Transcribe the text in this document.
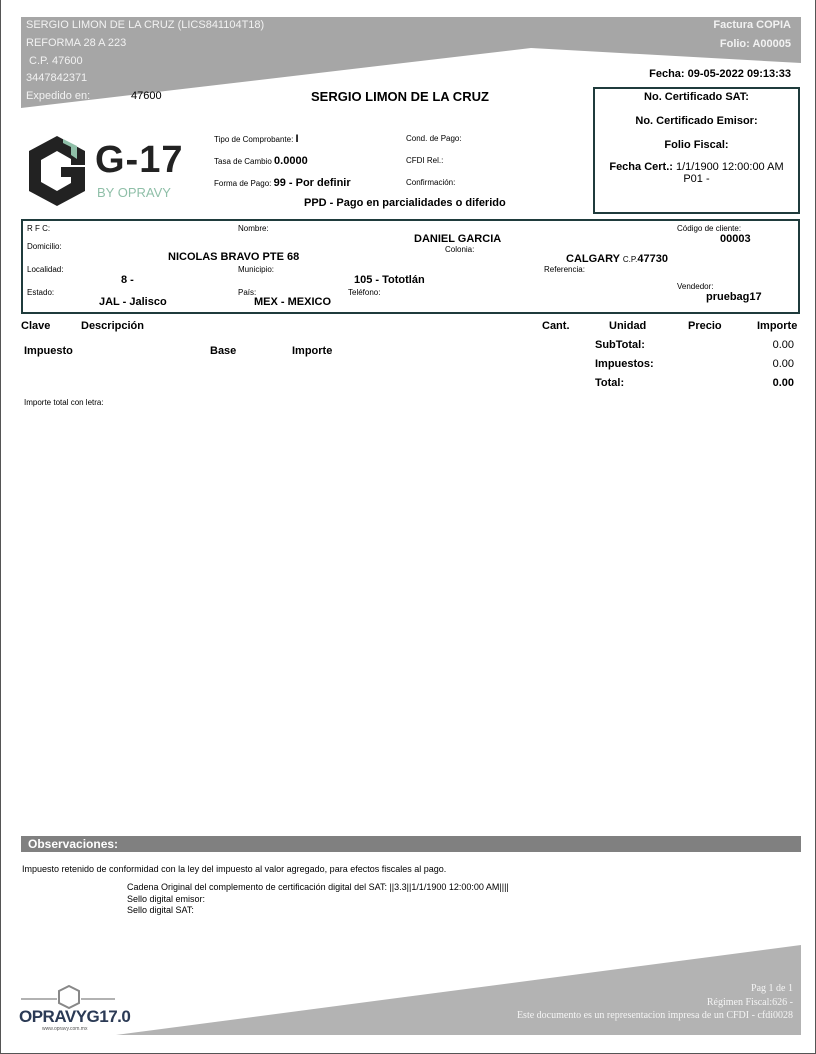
SERGIO LIMON DE LA CRUZ (LICS841104T18)
REFORMA 28 A 223
C.P. 47600
3447842371
Expedido en:	47600
Factura COPIA
Folio: A00005
Fecha: 09-05-2022 09:13:33
SERGIO LIMON DE LA CRUZ
G-17
BY OPRAVY
Tipo de Comprobante: I
Tasa de Cambio 0.0000
Forma de Pago: 99 - Por definir
Cond. de Pago:
CFDI Rel.:
Confirmación:
PPD - Pago en parcialidades o diferido
No. Certificado SAT:
No. Certificado Emisor:
Folio Fiscal:
Fecha Cert.: 1/1/1900 12:00:00 AM
P01 -
R F C:	Nombre:
DANIEL GARCIA
Código de cliente:
00003
Domicilio:
NICOLAS BRAVO PTE 68
Colonia:
CALGARY C.P.47730
Localidad:
8 -
Municipio:
105 - Tototlán
Referencia:
Estado:
JAL - Jalisco
País:
MEX - MEXICO
Teléfono:
Vendedor:
pruebag17
Clave	Descripción	Cant.	Unidad	Precio	Importe
Impuesto	Base	Importe	SubTotal:	0.00
Impuestos:	0.00
Total:	0.00
Importe total con letra:
Observaciones:
Impuesto retenido de conformidad con la ley del impuesto al valor agregado, para efectos fiscales al pago.
Cadena Original del complemento de certificación digital del SAT: ||3.3||1/1/1900 12:00:00 AM||||
Sello digital emisor:
Sello digital SAT:
OPRAVYG17.0
www.opravy.com.mx
Pag 1 de 1
Régimen Fiscal:626 -
Este documento es un representacion impresa de un CFDI - cfdi0028
